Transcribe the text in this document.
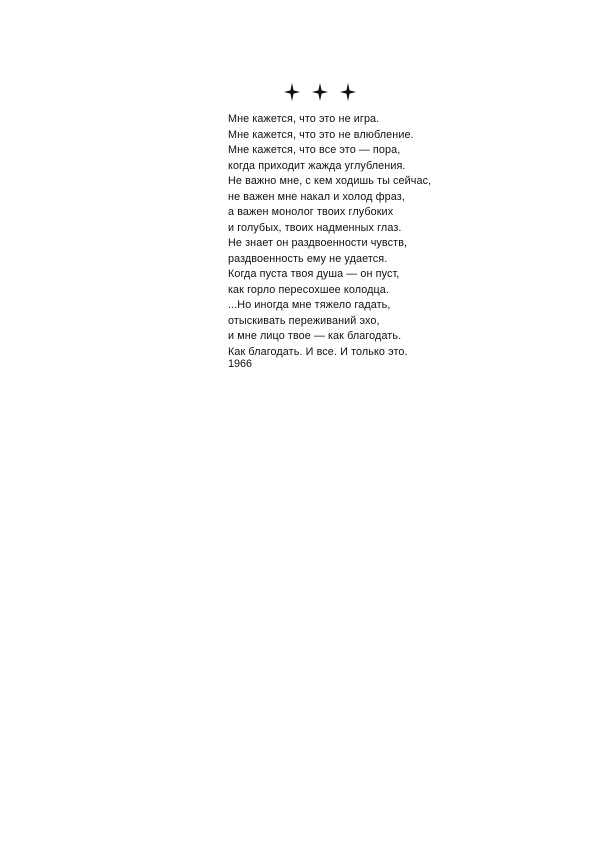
Мне кажется, что это не игра.
Мне кажется, что это не влюбление.
Мне кажется, что все это — пора,
когда приходит жажда углубления.
Не важно мне, с кем ходишь ты сейчас,
не важен мне накал и холод фраз,
а важен монолог твоих глубоких
и голубых, твоих надменных глаз.
Не знает он раздвоенности чувств,
раздвоенность ему не удается.
Когда пуста твоя душа — он пуст,
как горло пересохшее колодца.
...Но иногда мне тяжело гадать,
отыскивать переживаний эхо,
и мне лицо твое — как благодать.
Как благодать. И все. И только это.
1966
